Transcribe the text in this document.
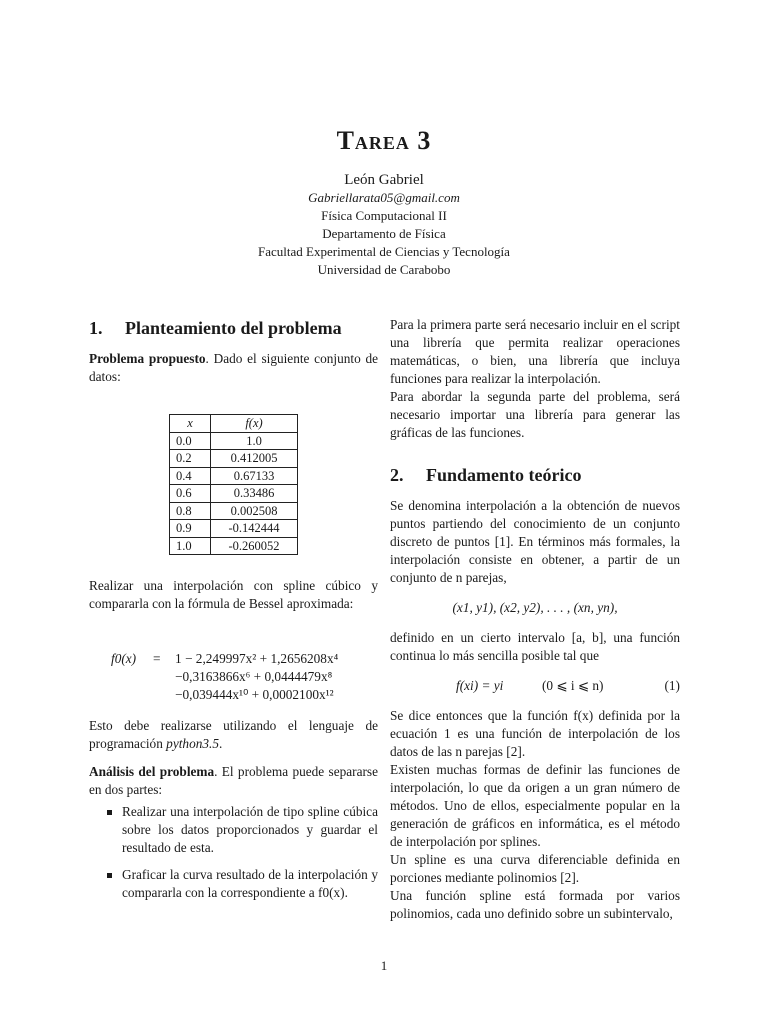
Tarea 3
León Gabriel
Gabriellarata05@gmail.com
Física Computacional II
Departamento de Física
Facultad Experimental de Ciencias y Tecnología
Universidad de Carabobo
1. Planteamiento del problema

Problema propuesto. Dado el siguiente conjunto de datos:

x	f(x)
0.0	1.0
0.2	0.412005
0.4	0.67133
0.6	0.33486
0.8	0.002508
0.9	-0.142444
1.0	-0.260052

Realizar una interpolación con spline cúbico y compararla con la fórmula de Bessel aproximada:

f0(x) = 1 − 2,249997x² + 1,2656208x⁴
−0,3163866x⁶ + 0,0444479x⁸
−0,039444x¹⁰ + 0,0002100x¹²

Esto debe realizarse utilizando el lenguaje de programación python3.5.

Análisis del problema. El problema puede separarse en dos partes:

Realizar una interpolación de tipo spline cúbica sobre los datos proporcionados y guardar el resultado de esta.
Graficar la curva resultado de la interpolación y compararla con la correspondiente a f0(x).

Para la primera parte será necesario incluir en el script una librería que permita realizar operaciones matemáticas, o bien, una librería que incluya funciones para realizar la interpolación.

Para abordar la segunda parte del problema, será necesario importar una librería para generar las gráficas de las funciones.

2. Fundamento teórico

Se denomina interpolación a la obtención de nuevos puntos partiendo del conocimiento de un conjunto discreto de puntos [1]. En términos más formales, la interpolación consiste en obtener, a partir de un conjunto de n parejas,

(x1, y1), (x2, y2), . . . , (xn, yn),

definido en un cierto intervalo [a, b], una función continua lo más sencilla posible tal que

f(xi) = yi	(0 ⩽ i ⩽ n)	(1)

Se dice entonces que la función f(x) definida por la ecuación 1 es una función de interpolación de los datos de las n parejas [2].

Existen muchas formas de definir las funciones de interpolación, lo que da origen a un gran número de métodos. Uno de ellos, especialmente popular en la generación de gráficos en informática, es el método de interpolación por splines.

Un spline es una curva diferenciable definida en porciones mediante polinomios [2].

Una función spline está formada por varios polinomios, cada uno definido sobre un subintervalo,

1
